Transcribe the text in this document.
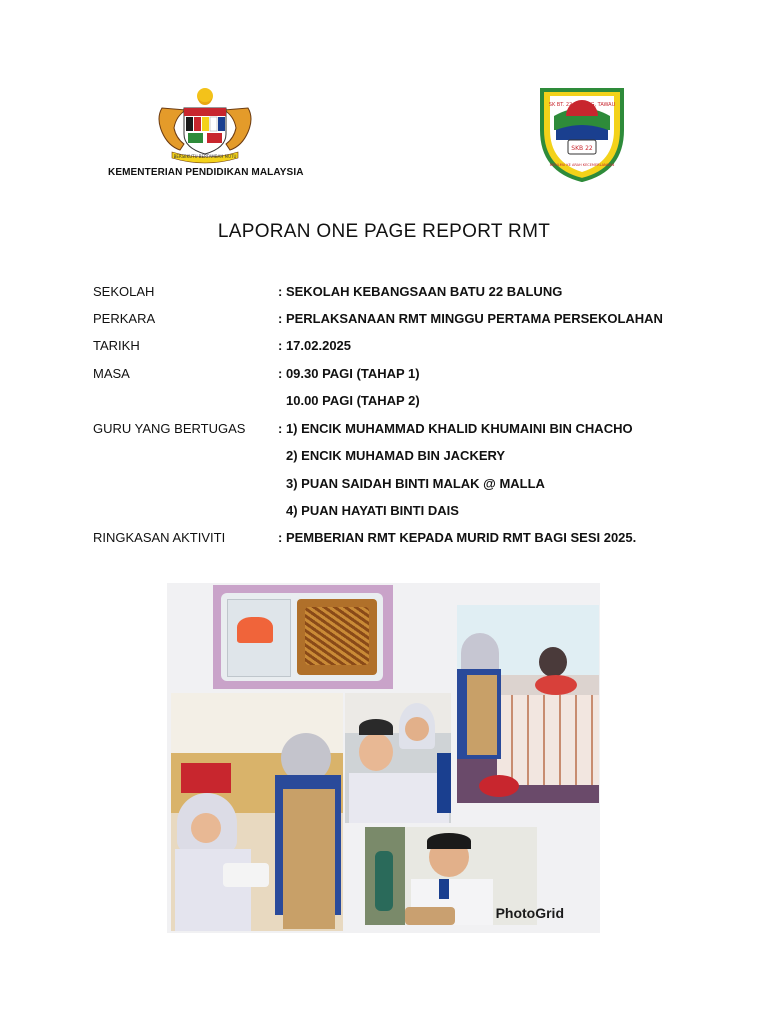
BERSEKUTU BERTAMBAH MUTU
KEMENTERIAN PENDIDIKAN MALAYSIA
SKB 22
SK BT. 22 BALUNG, TAWAU
BERILMU KE ARAH KECEMERLANGAN
LAPORAN ONE PAGE REPORT RMT
SEKOLAH	: SEKOLAH KEBANGSAAN BATU 22 BALUNG
PERKARA	: PERLAKSANAAN RMT MINGGU PERTAMA PERSEKOLAHAN
TARIKH	: 17.02.2025
MASA	: 09.30 PAGI (TAHAP 1)
10.00 PAGI (TAHAP 2)
GURU YANG BERTUGAS	: 1) ENCIK MUHAMMAD KHALID KHUMAINI BIN CHACHO
2) ENCIK MUHAMAD BIN JACKERY
3) PUAN SAIDAH BINTI MALAK @ MALLA
4) PUAN HAYATI BINTI DAIS
RINGKASAN AKTIVITI	: PEMBERIAN RMT KEPADA MURID RMT BAGI SESI 2025.
PhotoGrid
